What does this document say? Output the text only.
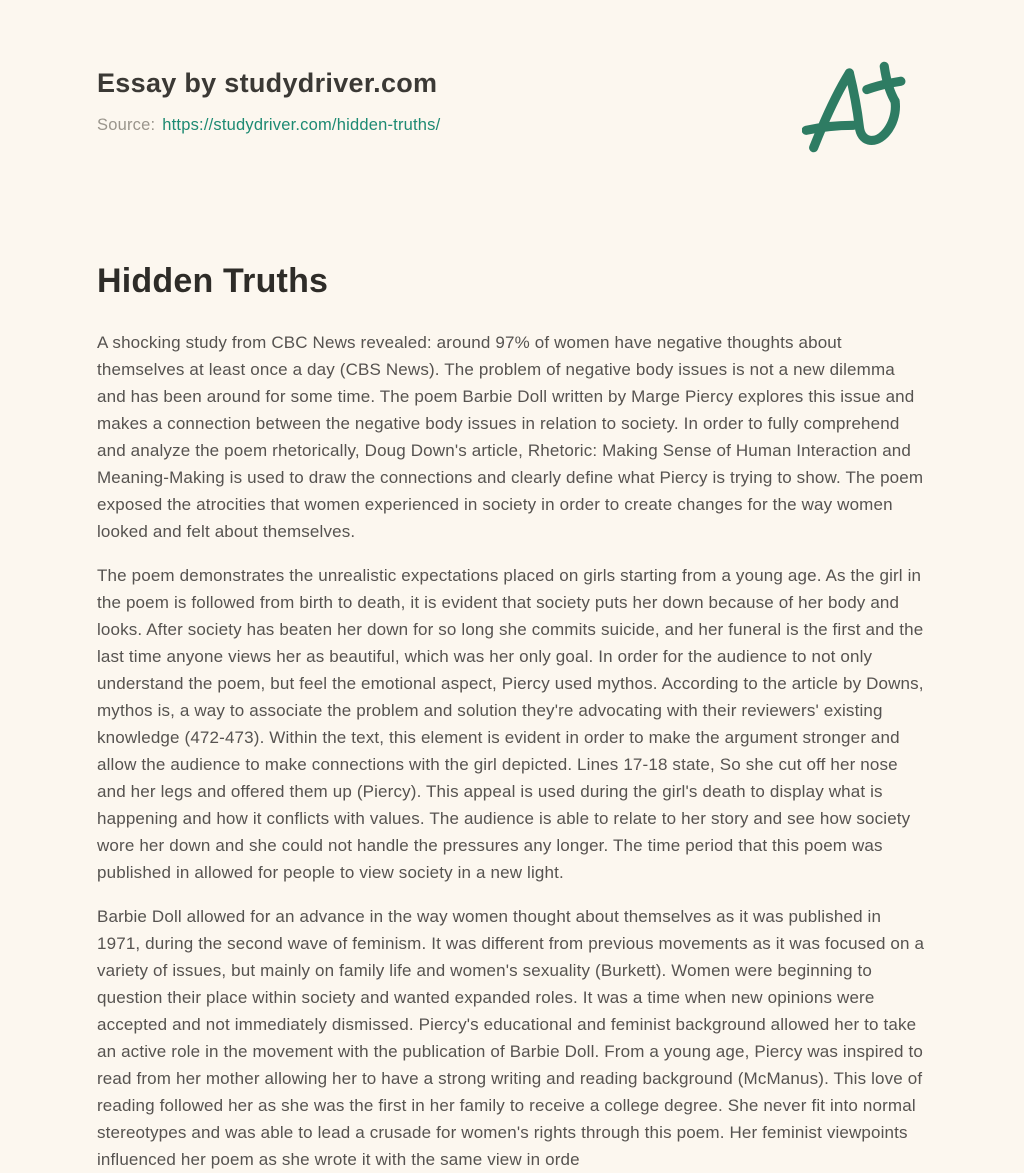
Essay by studydriver.com
Source: https://studydriver.com/hidden-truths/
Hidden Truths

A shocking study from CBC News revealed: around 97% of women have negative thoughts about themselves at least once a day (CBS News). The problem of negative body issues is not a new dilemma and has been around for some time. The poem Barbie Doll written by Marge Piercy explores this issue and makes a connection between the negative body issues in relation to society. In order to fully comprehend and analyze the poem rhetorically, Doug Down's article, Rhetoric: Making Sense of Human Interaction and Meaning-Making is used to draw the connections and clearly define what Piercy is trying to show. The poem exposed the atrocities that women experienced in society in order to create changes for the way women looked and felt about themselves.

The poem demonstrates the unrealistic expectations placed on girls starting from a young age. As the girl in the poem is followed from birth to death, it is evident that society puts her down because of her body and looks. After society has beaten her down for so long she commits suicide, and her funeral is the first and the last time anyone views her as beautiful, which was her only goal. In order for the audience to not only understand the poem, but feel the emotional aspect, Piercy used mythos. According to the article by Downs, mythos is, a way to associate the problem and solution they're advocating with their reviewers' existing knowledge (472-473). Within the text, this element is evident in order to make the argument stronger and allow the audience to make connections with the girl depicted. Lines 17-18 state, So she cut off her nose and her legs and offered them up (Piercy). This appeal is used during the girl's death to display what is happening and how it conflicts with values. The audience is able to relate to her story and see how society wore her down and she could not handle the pressures any longer. The time period that this poem was published in allowed for people to view society in a new light.

Barbie Doll allowed for an advance in the way women thought about themselves as it was published in 1971, during the second wave of feminism. It was different from previous movements as it was focused on a variety of issues, but mainly on family life and women's sexuality (Burkett). Women were beginning to question their place within society and wanted expanded roles. It was a time when new opinions were accepted and not immediately dismissed. Piercy's educational and feminist background allowed her to take an active role in the movement with the publication of Barbie Doll. From a young age, Piercy was inspired to read from her mother allowing her to have a strong writing and reading background (McManus). This love of reading followed her as she was the first in her family to receive a college degree. She never fit into normal stereotypes and was able to lead a crusade for women's rights through this poem. Her feminist viewpoints influenced her poem as she wrote it with the same view in orde
